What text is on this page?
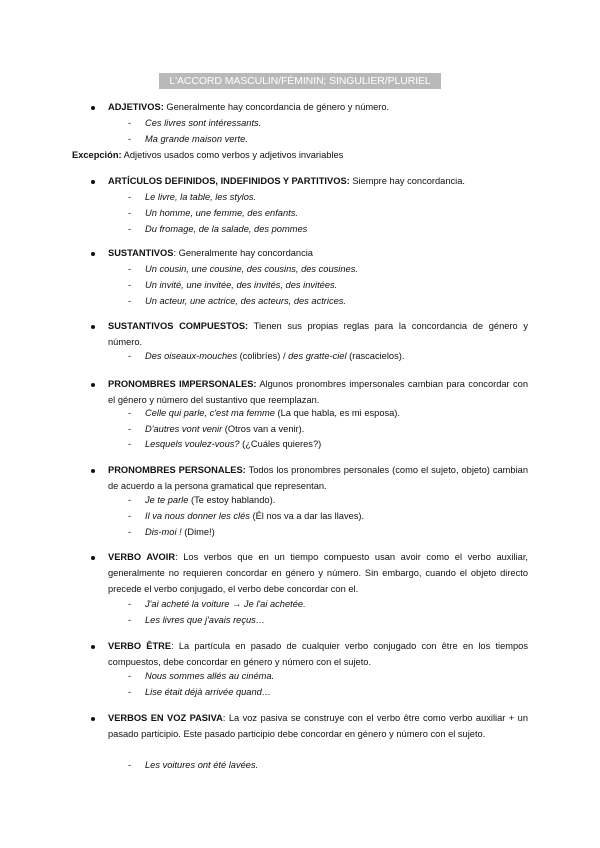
L'ACCORD MASCULIN/FÉMININ; SINGULIER/PLURIEL
ADJETIVOS: Generalmente hay concordancia de género y número.
- Ces livres sont intéressants.
- Ma grande maison verte.
Excepción: Adjetivos usados como verbos y adjetivos invariables
ARTÍCULOS DEFINIDOS, INDEFINIDOS Y PARTITIVOS: Siempre hay concordancia.
- Le livre, la table, les stylos.
- Un homme, une femme, des enfants.
- Du fromage, de la salade, des pommes
SUSTANTIVOS: Generalmente hay concordancia
- Un cousin, une cousine, des cousins, des cousines.
- Un invité, une invitée, des invités, des invitées.
- Un acteur, une actrice, des acteurs, des actrices.
SUSTANTIVOS COMPUESTOS: Tienen sus propias reglas para la concordancia de género y número.
- Des oiseaux-mouches (colibríes) / des gratte-ciel (rascacielos).
PRONOMBRES IMPERSONALES: Algunos pronombres impersonales cambian para concordar con el género y número del sustantivo que reemplazan.
- Celle qui parle, c'est ma femme (La que habla, es mi esposa).
- D'autres vont venir (Otros van a venir).
- Lesquels voulez-vous? (¿Cuáles quieres?)
PRONOMBRES PERSONALES: Todos los pronombres personales (como el sujeto, objeto) cambian de acuerdo a la persona gramatical que representan.
- Je te parle (Te estoy hablando).
- Il va nous donner les clés (Él nos va a dar las llaves).
- Dis-moi ! (Dime!)
VERBO AVOIR: Los verbos que en un tiempo compuesto usan avoir como el verbo auxiliar, generalmente no requieren concordar en género y número. Sin embargo, cuando el objeto directo precede el verbo conjugado, el verbo debe concordar con el.
- J'ai acheté la voiture → Je l'ai achetée.
- Les livres que j'avais reçus…
VERBO ÊTRE: La partícula en pasado de cualquier verbo conjugado con être en los tiempos compuestos, debe concordar en género y número con el sujeto.
- Nous sommes allés au cinéma.
- Lise était déjà arrivée quand…
VERBOS EN VOZ PASIVA: La voz pasiva se construye con el verbo être como verbo auxiliar + un pasado participio. Este pasado participio debe concordar en género y número con el sujeto.
- Les voitures ont été lavées.
